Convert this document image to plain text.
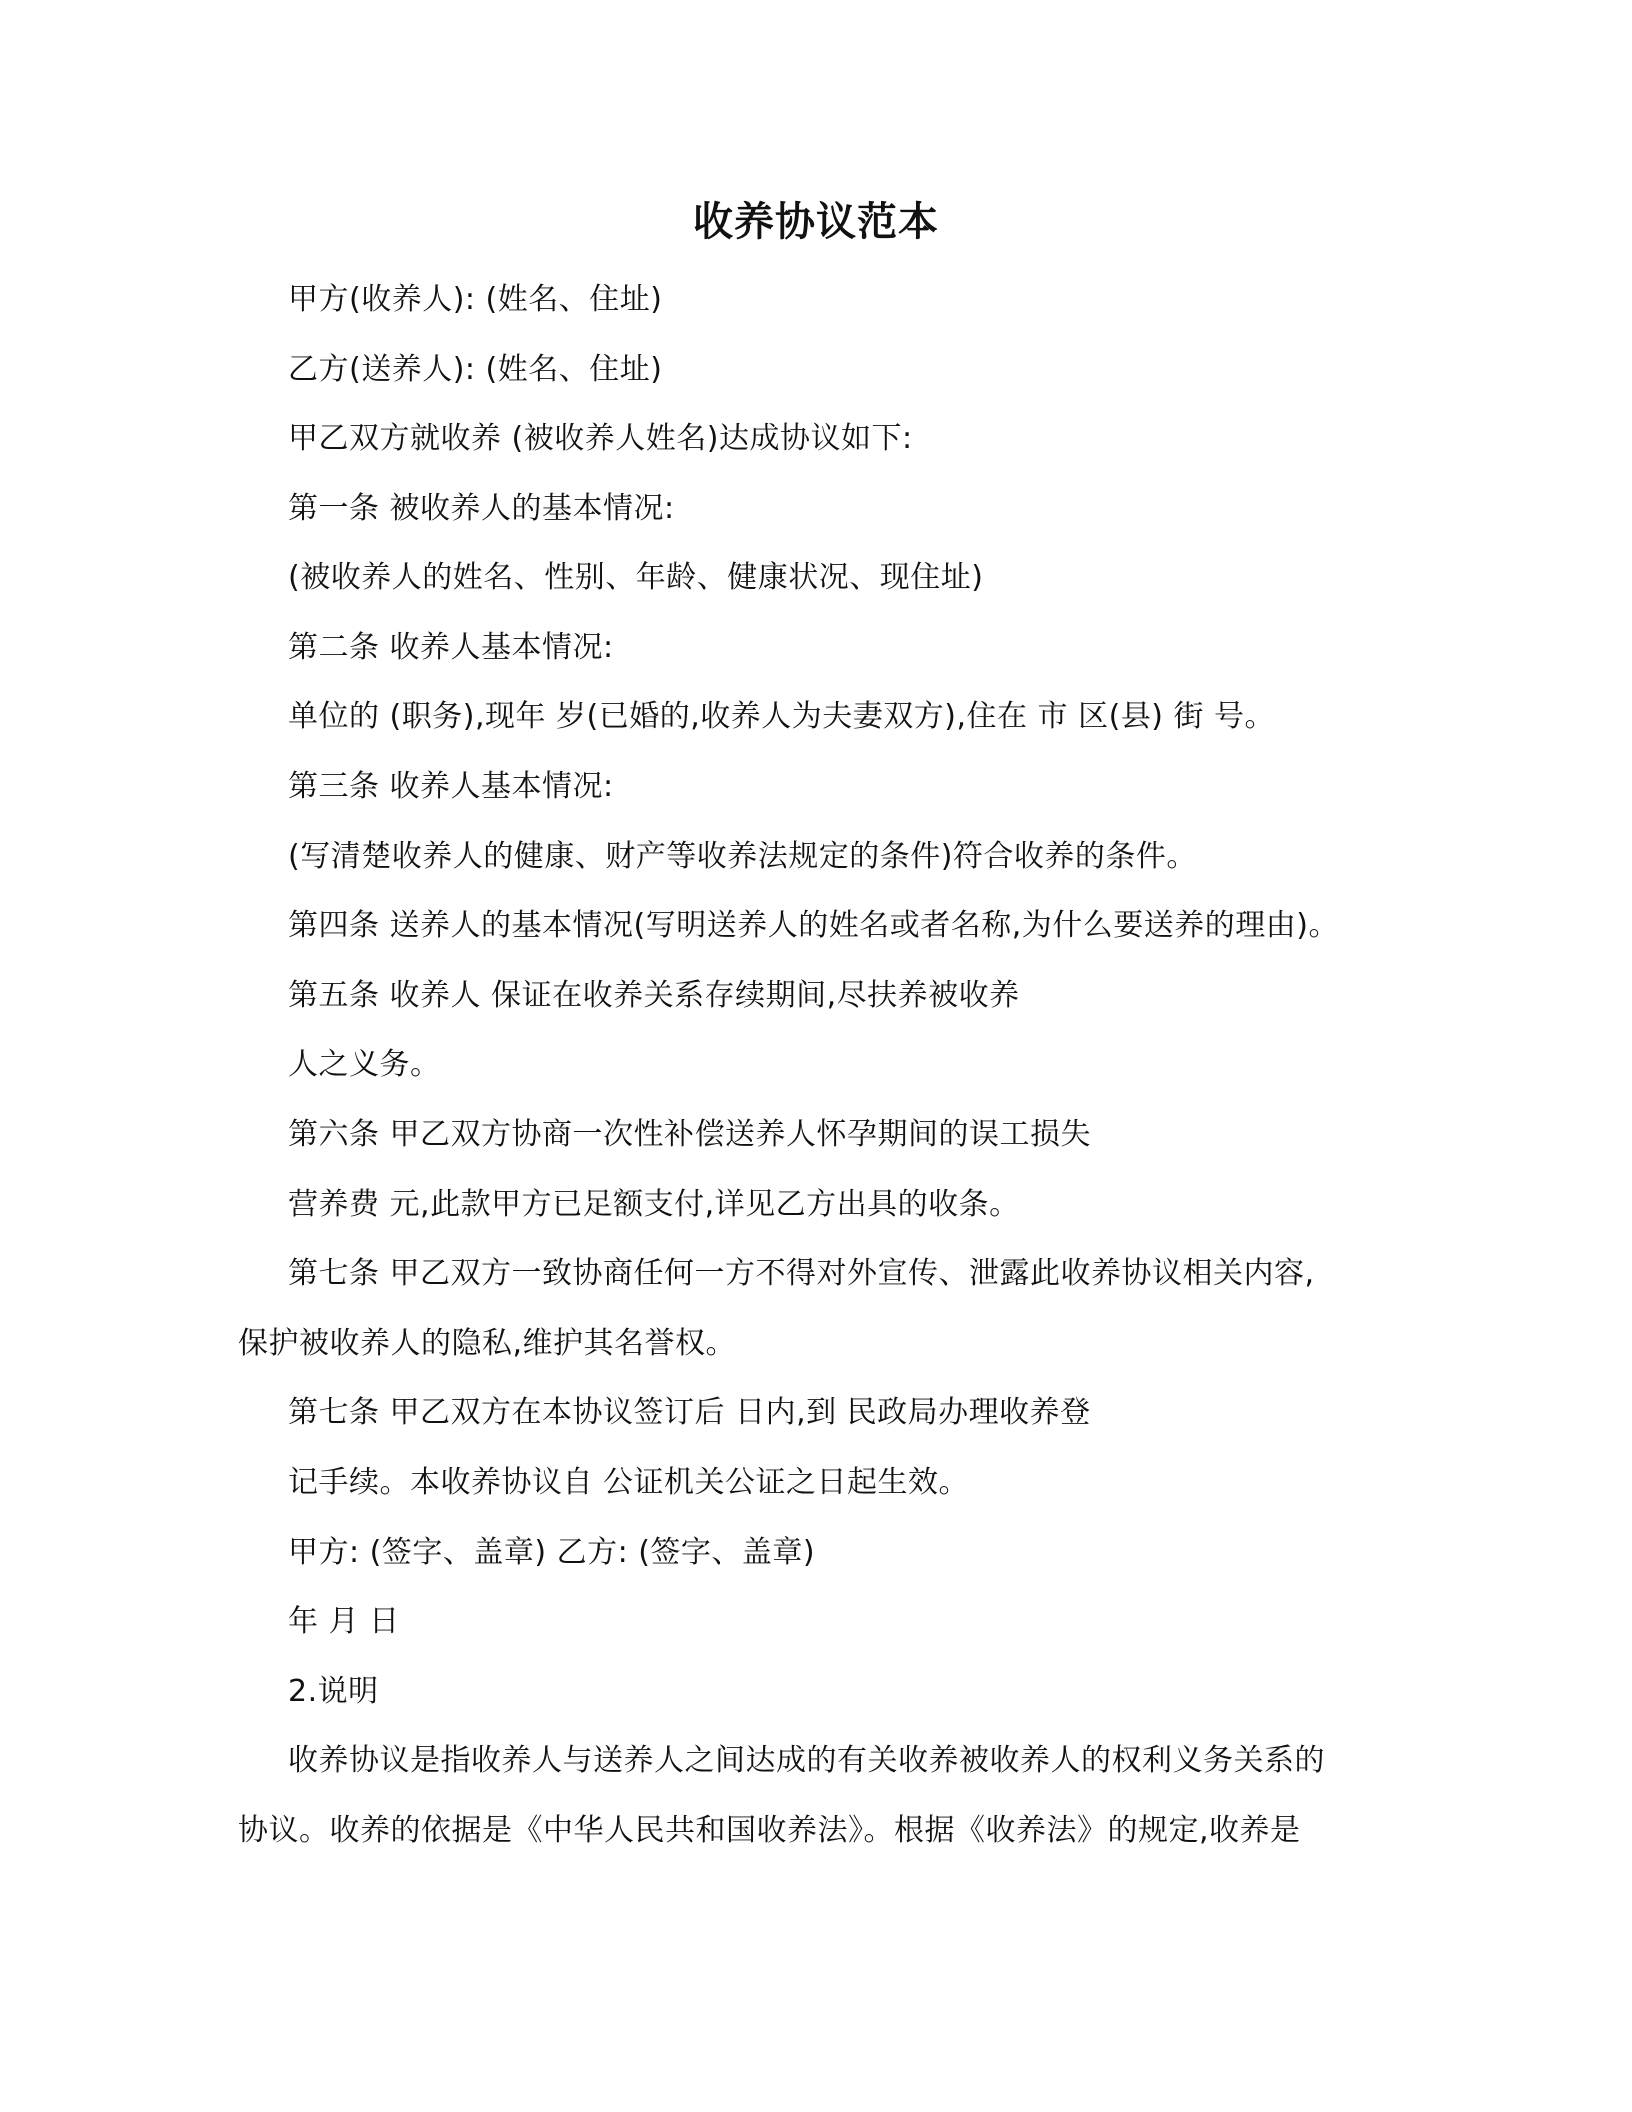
收养协议范本
甲方(收养人): (姓名、住址)
乙方(送养人): (姓名、住址)
甲乙双方就收养 (被收养人姓名)达成协议如下:
第一条 被收养人的基本情况:
(被收养人的姓名、性别、年龄、健康状况、现住址)
第二条 收养人基本情况:
单位的 (职务),现年 岁(已婚的,收养人为夫妻双方),住在 市 区(县) 街 号。
第三条 收养人基本情况:
(写清楚收养人的健康、财产等收养法规定的条件)符合收养的条件。
第四条 送养人的基本情况(写明送养人的姓名或者名称,为什么要送养的理由)。
第五条 收养人 保证在收养关系存续期间,尽扶养被收养
人之义务。
第六条 甲乙双方协商一次性补偿送养人怀孕期间的误工损失
营养费 元,此款甲方已足额支付,详见乙方出具的收条。
第七条 甲乙双方一致协商任何一方不得对外宣传、泄露此收养协议相关内容,
保护被收养人的隐私,维护其名誉权。
第七条 甲乙双方在本协议签订后 日内,到 民政局办理收养登
记手续。本收养协议自 公证机关公证之日起生效。
甲方: (签字、盖章) 乙方: (签字、盖章)
年 月 日
2.说明
收养协议是指收养人与送养人之间达成的有关收养被收养人的权利义务关系的
协议。收养的依据是《中华人民共和国收养法》。根据《收养法》的规定,收养是
